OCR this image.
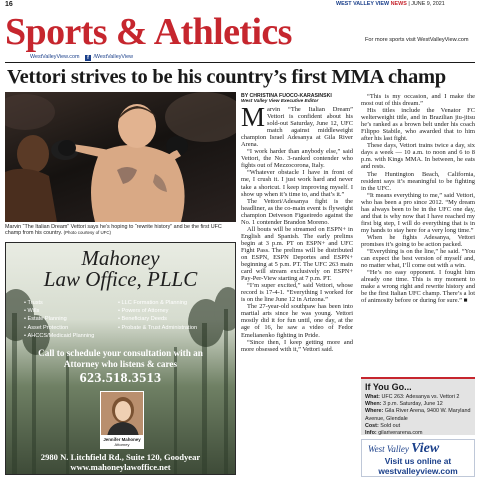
16	WEST VALLEY VIEW NEWS | JUNE 9, 2021
Sports & Athletics
WestValleyView.com f /WestValleyView
For more sports visit WestValleyView.com
Vettori strives to be his country’s first MMA champ
Marvin “The Italian Dream” Vettori says he’s hoping to “rewrite history” and be the first UFC champ from his country. (Photo courtesy of UFC)
Mahoney
Law Office, PLLC
• Trusts
• Wills
• Estate Planning
• Asset Protection
• AHCCS/Medicaid Planning
• LLC Formation & Planning
• Powers of Attorney
• Beneficiary Deeds
• Probate & Trust Administration
Call to schedule your consultation with an
Attorney who listens & cares
623.518.3513
Jennifer Mahoney
Attorney
2980 N. Litchfield Rd., Suite 120, Goodyear
www.mahoneylawoffice.net

BY CHRISTINA FUOCO-KARASINSKI

West Valley View Executive Editor

Marvin “The Italian Dream” Vettori is confident about his sold-out Saturday, June 12, UFC match against middleweight champion Israel Adesanya at Gila River Arena.

“I work harder than anybody else,” said Vettori, the No. 3-ranked contender who fights out of Mezzocorona, Italy.

“Whatever obstacle I have in front of me, I crush it. I just work hard and never take a shortcut. I keep improving myself. I show up when it’s time to, and that’s it.”

The Vettori/Adesanya fight is the headliner, as the co-main event is flyweight champion Deiveson Figueiredo against the No. 1 contender Brandon Moreno.

All bouts will be streamed on ESPN+ in English and Spanish. The early prelims begin at 3 p.m. PT on ESPN+ and UFC Fight Pass. The prelims will be distributed on ESPN, ESPN Deportes and ESPN+ beginning at 5 p.m. PT. The UFC 263 main card will stream exclusively on ESPN+ Pay-Per-View starting at 7 p.m. PT.

“I’m super excited,” said Vettori, whose record is 17-4-1. “Everything I worked for is on the line June 12 in Arizona.”

The 27-year-old southpaw has been into martial arts since he was young. Vettori mostly did it for fun until, one day, at the age of 16, he saw a video of Fedor Emelianenko fighting in Pride.

“Since then, I keep getting more and more obsessed with it,” Vettori said.

“This is my occasion, and I make the most out of this dream.”

His titles include the Venator FC welterweight title, and in Brazilian jiu-jitsu he’s ranked as a brown belt under his coach Filippo Stabile, who awarded that to him after his last fight.

These days, Vettori trains twice a day, six days a week — 10 a.m. to noon and 6 to 8 p.m. with Kings MMA. In between, he eats and rests.

The Huntington Beach, California, resident says it’s meaningful to be fighting in the UFC.

“It means everything to me,” said Vettori, who has been a pro since 2012. “My dream has always been to be in the UFC one day, and that is why now that I have reached my first big step, I will do everything that is in my hands to stay here for a very long time.”

When he fights Adesanya, Vettori promises it’s going to be action packed.

“Everything is on the line,” he said. “You can expect the best version of myself and, no matter what, I’ll come out with a win.

“He’s no easy opponent. I fought him already one time. This is my moment to make a wrong right and rewrite history and be the first Italian UFC champ. There’s a lot of animosity before or during for sure.” ■

If You Go...
What: UFC 263: Adesanya vs. Vettori 2
When: 3 p.m. Saturday, June 12
Where: Gila River Arena, 9400 W. Maryland Avenue, Glendale
Cost: Sold out
Info: gilariverarena.com
West Valley View
Visit us online at
westvalleyview.com
